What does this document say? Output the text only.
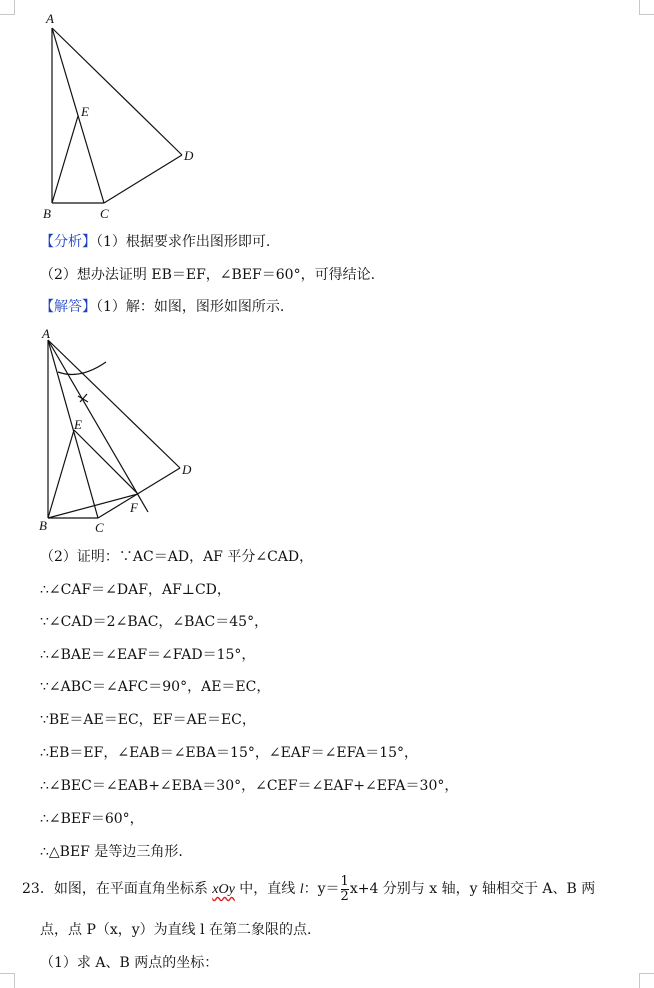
A
E
D
B	C
【分析】（1）根据要求作出图形即可.
（2）想办法证明 EB＝EF，∠BEF＝60°，可得结论.
【解答】（1）解：如图，图形如图所示.
A
E
D
B	C
F
（2）证明：∵AC＝AD，AF 平分∠CAD，
∴∠CAF＝∠DAF，AF⊥CD，
∵∠CAD＝2∠BAC，∠BAC＝45°，
∴∠BAE＝∠EAF＝∠FAD＝15°，
∵∠ABC＝∠AFC＝90°，AE＝EC，
∵BE＝AE＝EC，EF＝AE＝EC，
∴EB＝EF，∠EAB＝∠EBA＝15°，∠EAF＝∠EFA＝15°，
∴∠BEC＝∠EAB+∠EBA＝30°，∠CEF＝∠EAF+∠EFA＝30°，
∴∠BEF＝60°，
∴△BEF 是等边三角形.
23．如图，在平面直角坐标系 xOy 中，直线 l：$y= \frac{1}{2} x+4$ 分别与 x 轴，y 轴相交于 A、B 两
点，点 P（x，y）为直线 l 在第二象限的点.
（1）求 A、B 两点的坐标：
